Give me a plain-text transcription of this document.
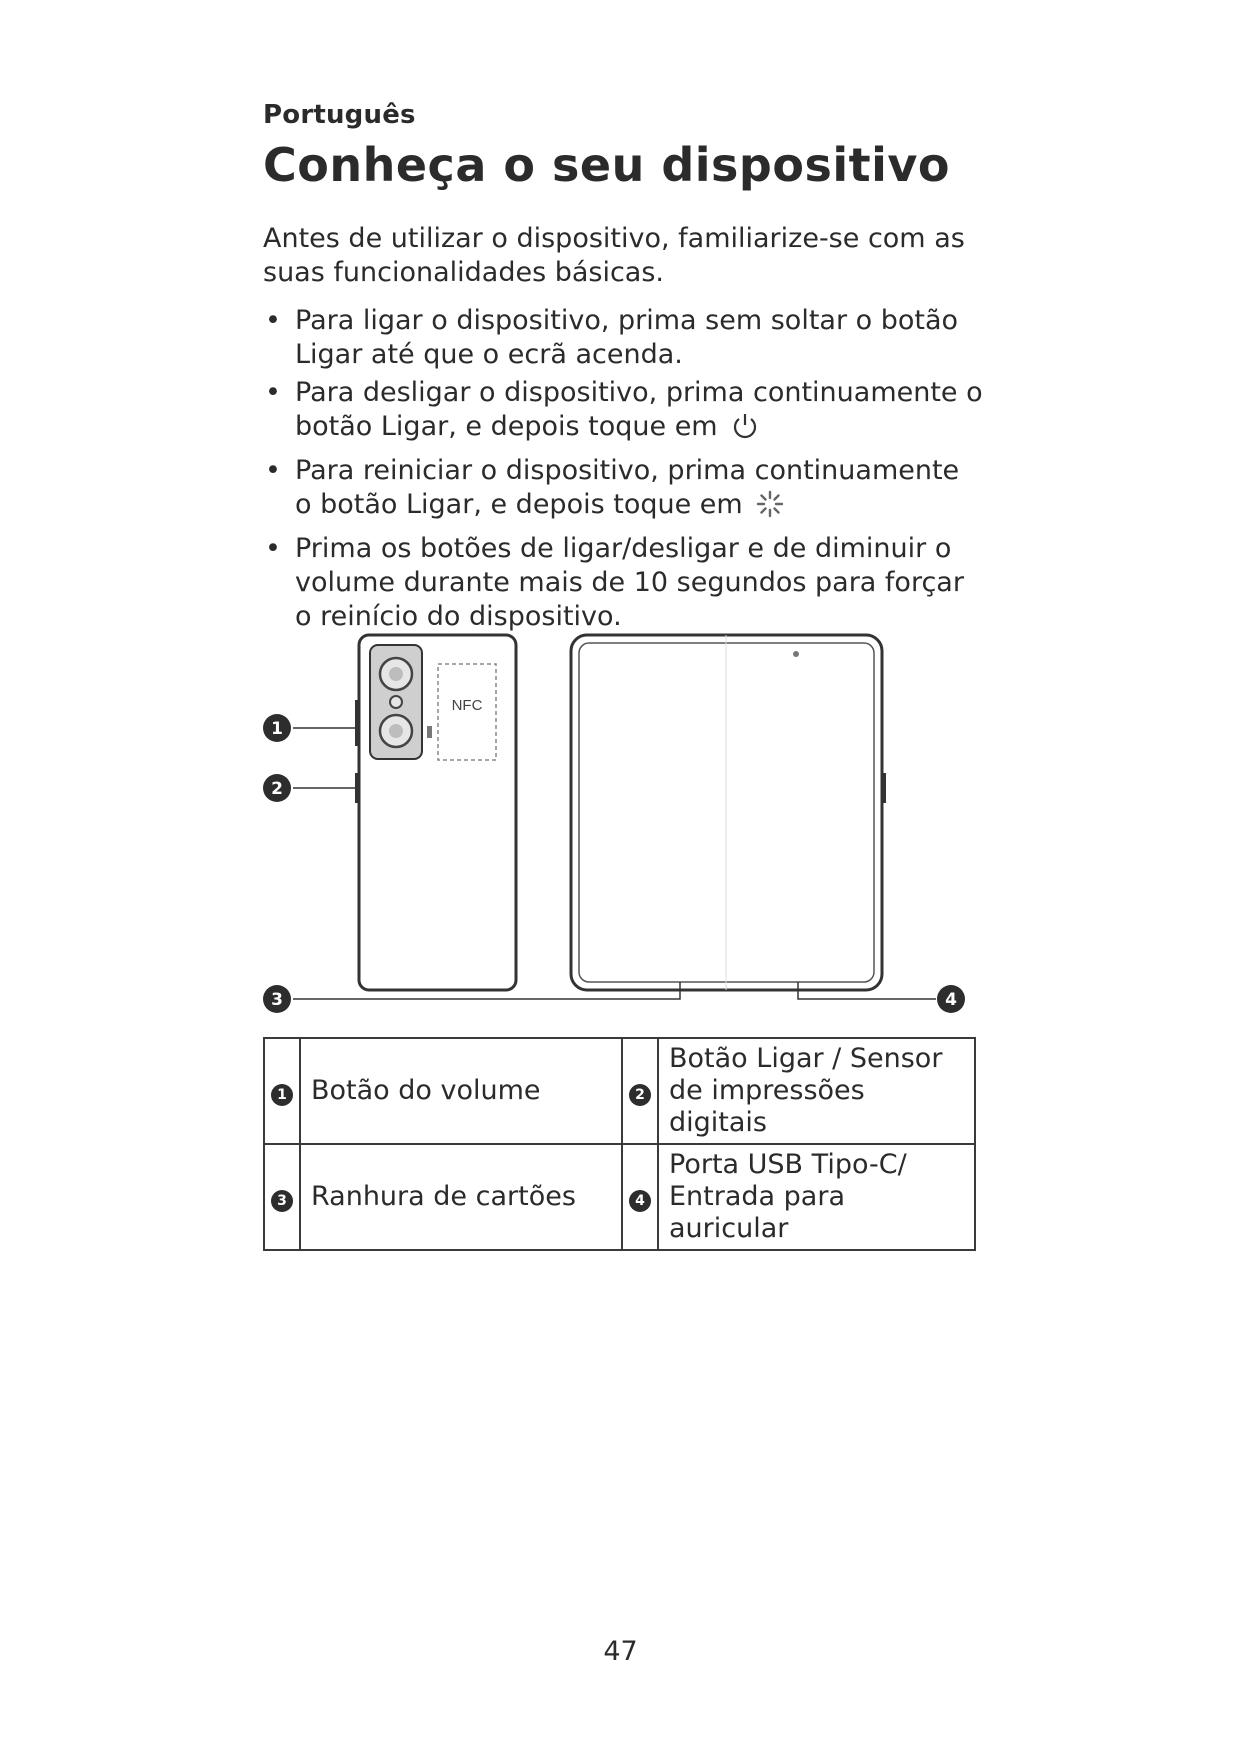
Português

Conheça o seu dispositivo

Antes de utilizar o dispositivo, familiarize-se com as suas funcionalidades básicas.

• Para ligar o dispositivo, prima sem soltar o botão Ligar até que o ecrã acenda.
• Para desligar o dispositivo, prima continuamente o botão Ligar, e depois toque em
• Para reiniciar o dispositivo, prima continuamente o botão Ligar, e depois toque em
• Prima os botões de ligar/desligar e de diminuir o volume durante mais de 10 segundos para forçar o reinício do dispositivo.
NFC
1
2
3	4
1	Botão do volume	2	Botão Ligar / Sensor de impressões digitais
3	Ranhura de cartões	4	Porta USB Tipo-C/ Entrada para auricular
47
